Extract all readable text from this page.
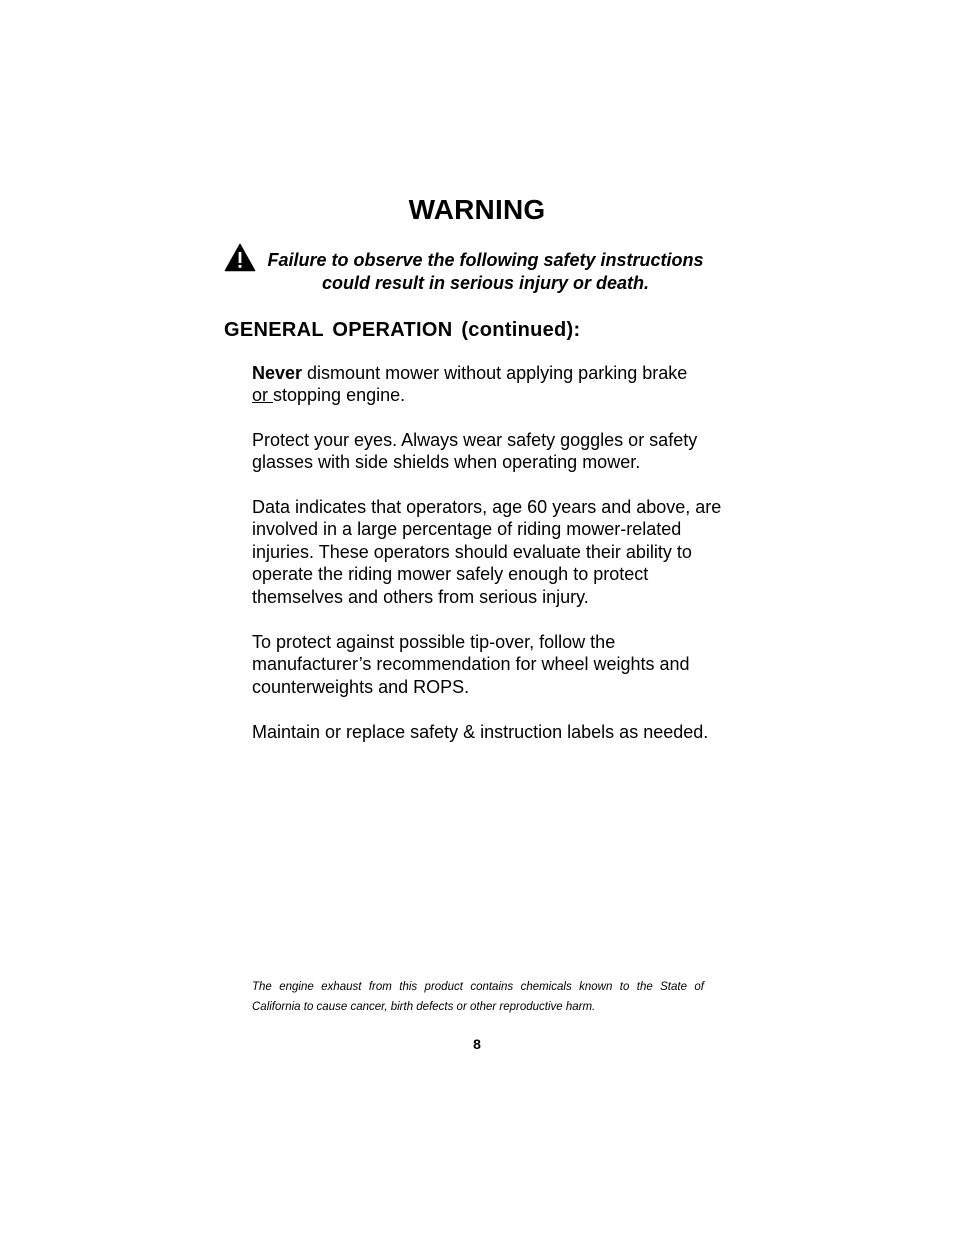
WARNING

Failure to observe the following safety instructions
could result in serious injury or death.

GENERAL OPERATION (continued):

Never dismount mower without applying parking brake
or stopping engine.

Protect your eyes. Always wear safety goggles or safety glasses with side shields when operating mower.

Data indicates that operators, age 60 years and above, are involved in a large percentage of riding mower-related injuries. These operators should evaluate their ability to operate the riding mower safely enough to protect themselves and others from serious injury.

To protect against possible tip-over, follow the manufacturer’s recommendation for wheel weights and counterweights and ROPS.

Maintain or replace safety & instruction labels as needed.

The engine exhaust from this product contains chemicals known to the State of
California to cause cancer, birth defects or other reproductive harm.

8
